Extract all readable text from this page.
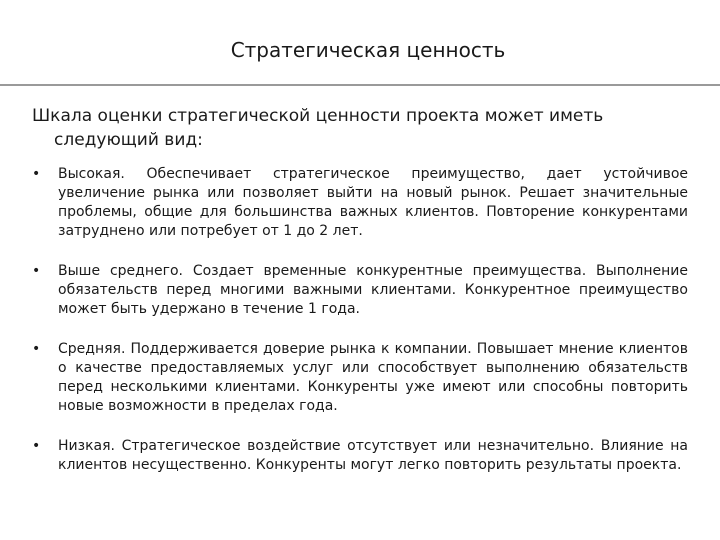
Стратегическая ценность
Шкала оценки стратегической ценности проекта может иметь следующий вид:
• Высокая. Обеспечивает стратегическое преимущество, дает устойчивое увеличение рынка или позволяет выйти на новый рынок. Решает значительные проблемы, общие для большинства важных клиентов. Повторение конкурентами затруднено или потребует от 1 до 2 лет.
• Выше среднего. Создает временные конкурентные преимущества. Выполнение обязательств перед многими важными клиентами. Конкурентное преимущество может быть удержано в течение 1 года.
• Средняя. Поддерживается доверие рынка к компании. Повышает мнение клиентов о качестве предоставляемых услуг или способствует выполнению обязательств перед несколькими клиентами. Конкуренты уже имеют или способны повторить новые возможности в пределах года.
• Низкая. Стратегическое воздействие отсутствует или незначительно. Влияние на клиентов несущественно. Конкуренты могут легко повторить результаты проекта.
